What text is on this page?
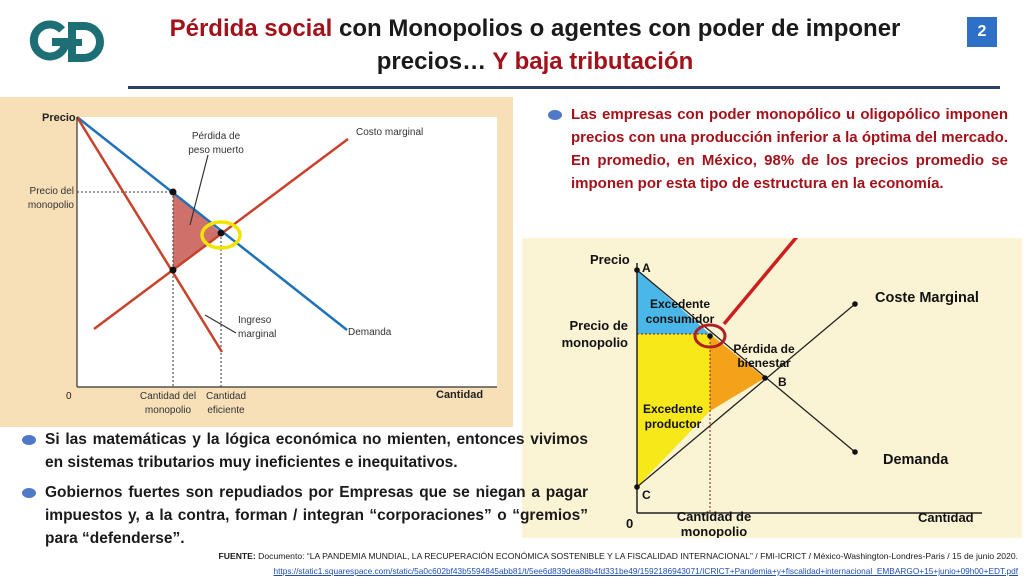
Pérdida social con Monopolios o agentes con poder de imponer precios… Y baja tributación
2
Precio
Cantidad
0
Precio del
monopolio
Pérdida de
peso muerto
Costo marginal
Ingreso
marginal	Demanda
Cantidad del
monopolio
Cantidad
eficiente
Las empresas con poder monopólico u oligopólico imponen precios con una producción inferior a la óptima del mercado. En promedio, en México, 98% de los precios promedio se imponen por esta tipo de estructura en la economía.
Precio
A
B
C
0	Cantidad
Precio de
monopolio
Excedente
consumidor
Excedente
productor
Pérdida de
bienestar
Coste Marginal
Demanda
Cantidad de
monopolio
Si las matemáticas y la lógica económica no mienten, entonces vivimos en sistemas tributarios muy ineficientes e inequitativos.
Gobiernos fuertes son repudiados por Empresas que se niegan a pagar impuestos y, a la contra, forman / integran “corporaciones” o “gremios” para “defenderse”.
FUENTE: Documento: “LA PANDEMIA MUNDIAL, LA RECUPERACIÓN ECONÓMICA SOSTENIBLE Y LA FISCALIDAD INTERNACIONAL” / FMI-ICRICT / México-Washington-Londres-Paris / 15 de junio 2020.
https://static1.squarespace.com/static/5a0c602bf43b5594845abb81/t/5ee6d839dea88b4fd331be49/1592186943071/ICRICT+Pandemia+y+fiscalidad+internacional_EMBARGO+15+junio+09h00+EDT.pdf
